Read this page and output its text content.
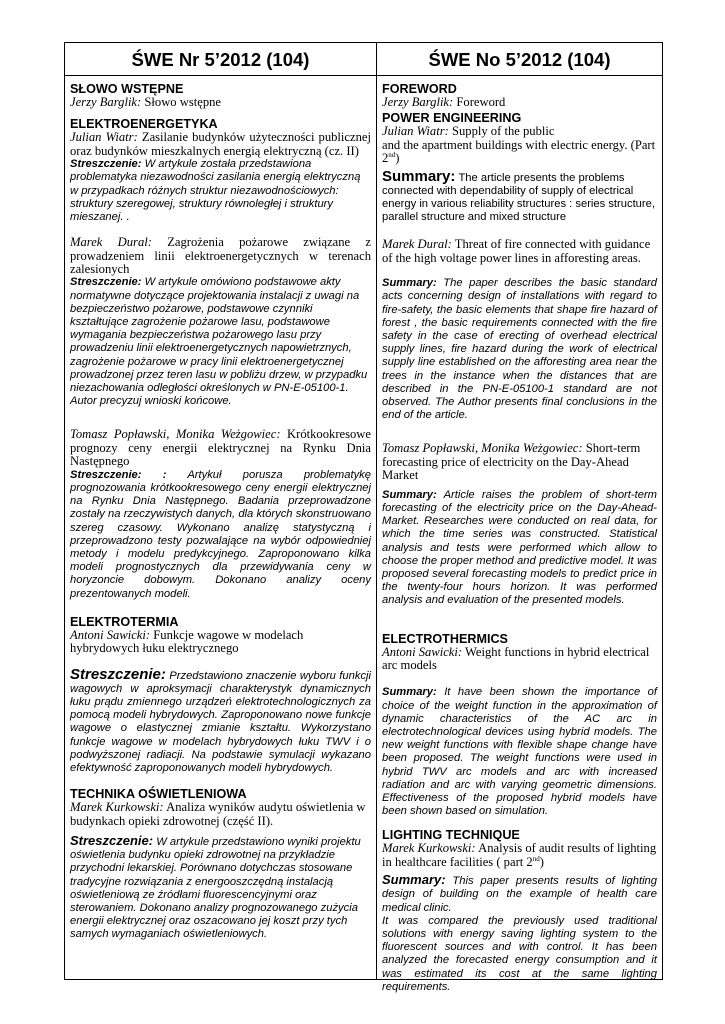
ŚWE Nr 5’2012 (104)

SŁOWO WSTĘPNE

Jerzy Barglik: Słowo wstępne

ELEKTROENERGETYKA

Julian Wiatr: Zasilanie budynków użyteczności publicznej oraz budynków mieszkalnych energią elektryczną (cz. II)

Streszczenie: W artykule została przedstawiona problematyka niezawodności zasilania energią elektryczną w przypadkach różnych struktur niezawodnościowych: struktury szeregowej, struktury równoległej i struktury mieszanej. .

Marek Dural: Zagrożenia pożarowe związane z prowadzeniem linii elektroenergetycznych w terenach zalesionych

Streszczenie: W artykule omówiono podstawowe akty normatywne dotyczące projektowania instalacji z uwagi na bezpieczeństwo pożarowe, podstawowe czynniki kształtujące zagrożenie pożarowe lasu, podstawowe wymagania bezpieczeństwa pożarowego lasu przy prowadzeniu linii elektroenergetycznych napowietrznych, zagrożenie pożarowe w pracy linii elektroenergetycznej prowadzonej przez teren lasu w pobliżu drzew, w przypadku niezachowania odległości określonych w PN-E-05100-1. Autor precyzuj wnioski końcowe.

Tomasz Popławski, Monika Weżgowiec: Krótkookresowe prognozy ceny energii elektrycznej na Rynku Dnia Następnego

Streszczenie: : Artykuł porusza problematykę prognozowania krótkookresowego ceny energii elektrycznej na Rynku Dnia Następnego. Badania przeprowadzone zostały na rzeczywistych danych, dla których skonstruowano szereg czasowy. Wykonano analizę statystyczną i przeprowadzono testy pozwalające na wybór odpowiedniej metody i modelu predykcyjnego. Zaproponowano kilka modeli prognostycznych dla przewidywania ceny w horyzoncie dobowym. Dokonano analizy oceny prezentowanych modeli.

ELEKTROTERMIA

Antoni Sawicki: Funkcje wagowe w modelach hybrydowych łuku elektrycznego

Streszczenie: Przedstawiono znaczenie wyboru funkcji wagowych w aproksymacji charakterystyk dynamicznych łuku prądu zmiennego urządzeń elektrotechnologicznych za pomocą modeli hybrydowych. Zaproponowano nowe funkcje wagowe o elastycznej zmianie kształtu. Wykorzystano funkcje wagowe w modelach hybrydowych łuku TWV i o podwyższonej radiacji. Na podstawie symulacji wykazano efektywność zaproponowanych modeli hybrydowych.

TECHNIKA OŚWIETLENIOWA

Marek Kurkowski: Analiza wyników audytu oświetlenia w budynkach opieki zdrowotnej (część II).

Streszczenie: W artykule przedstawiono wyniki projektu oświetlenia budynku opieki zdrowotnej na przykładzie przychodni lekarskiej. Porównano dotychczas stosowane tradycyjne rozwiązania z energooszczędną instalacją oświetleniową ze źródłami fluorescencyjnymi oraz sterowaniem. Dokonano analizy prognozowanego zużycia energii elektrycznej oraz oszacowano jej koszt przy tych samych wymaganiach oświetleniowych.

ŚWE No 5’2012 (104)

FOREWORD

Jerzy Barglik: Foreword

POWER ENGINEERING

Julian Wiatr: Supply of the public
and the apartment buildings with electric energy. (Part 2nd)

Summary: The article presents the problems connected with dependability of supply of electrical energy in various reliability structures : series structure, parallel structure and mixed structure

Marek Dural: Threat of fire connected with guidance of the high voltage power lines in afforesting areas.

Summary: The paper describes the basic standard acts concerning design of installations with regard to fire-safety, the basic elements that shape fire hazard of forest , the basic requirements connected with the fire safety in the case of erecting of overhead electrical supply lines, fire hazard during the work of electrical supply line established on the afforesting area near the trees in the instance when the distances that are described in the PN-E-05100-1 standard are not observed. The Author presents final conclusions in the end of the article.

Tomasz Popławski, Monika Weżgowiec: Short-term forecasting price of electricity on the Day-Ahead Market

Summary: Article raises the problem of short-term forecasting of the electricity price on the Day-Ahead-Market. Researches were conducted on real data, for which the time series was constructed. Statistical analysis and tests were performed which allow to choose the proper method and predictive model. It was proposed several forecasting models to predict price in the twenty-four hours horizon. It was performed analysis and evaluation of the presented models.

ELECTROTHERMICS

Antoni Sawicki: Weight functions in hybrid electrical arc models

Summary: It have been shown the importance of choice of the weight function in the approximation of dynamic characteristics of the AC arc in electrotechnological devices using hybrid models. The new weight functions with flexible shape change have been proposed. The weight functions were used in hybrid TWV arc models and arc with increased radiation and arc with varying geometric dimensions. Effectiveness of the proposed hybrid models have been shown based on simulation.

LIGHTING TECHNIQUE

Marek Kurkowski: Analysis of audit results of lighting in healthcare facilities ( part 2nd)

Summary: This paper presents results of lighting design of building on the example of health care medical clinic.

It was compared the previously used traditional solutions with energy saving lighting system to the fluorescent sources and with control. It has been analyzed the forecasted energy consumption and it was estimated its cost at the same lighting requirements.
